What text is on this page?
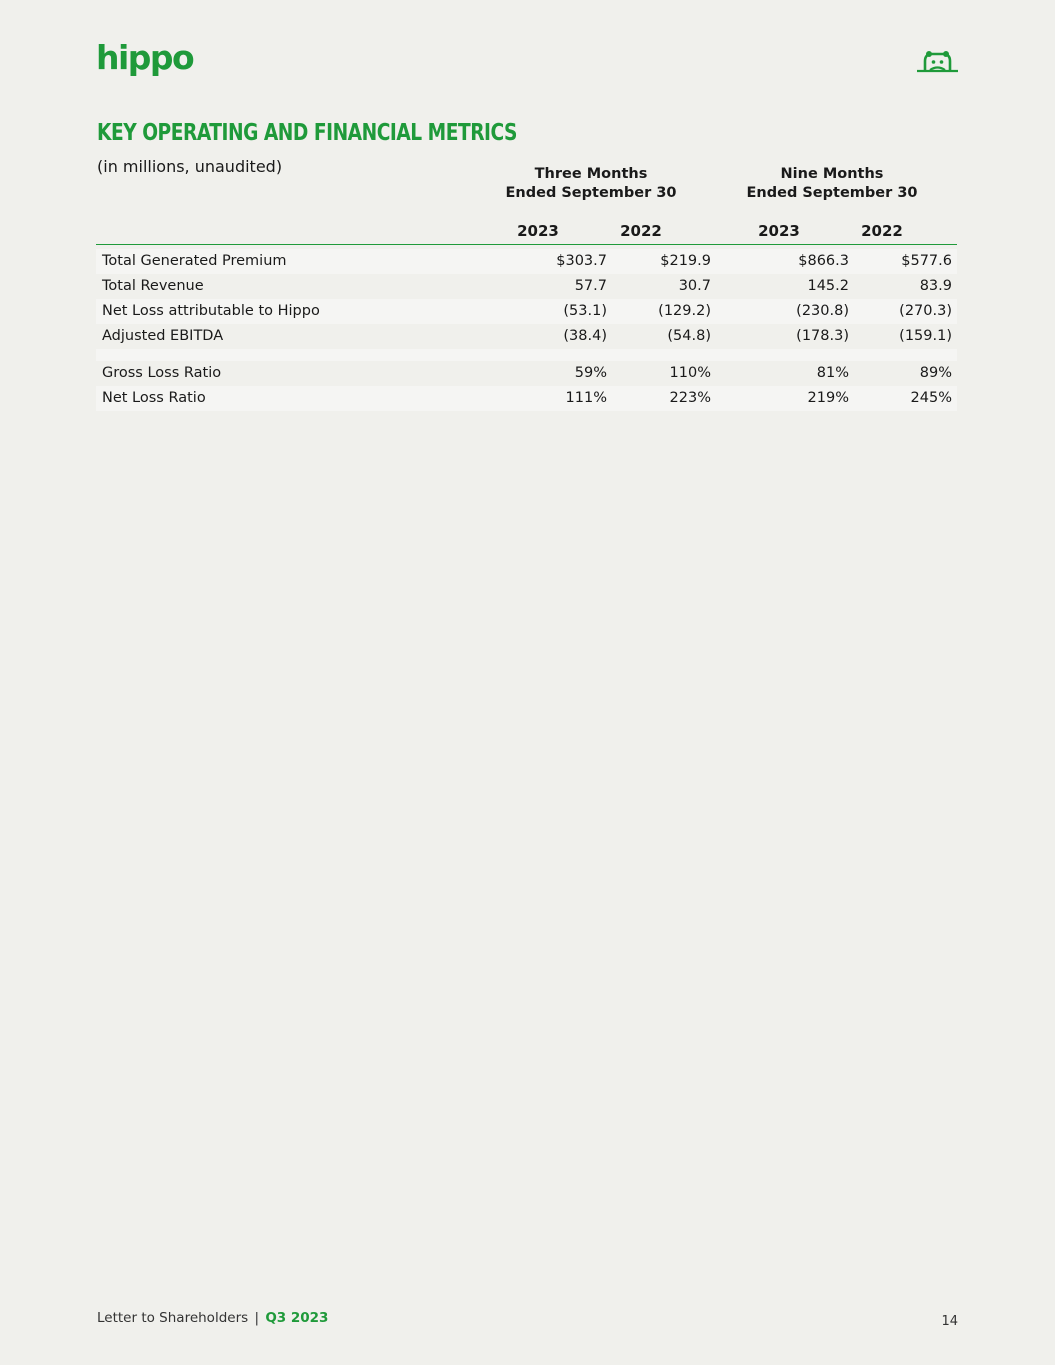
hippo
KEY OPERATING AND FINANCIAL METRICS
(in millions, unaudited)	Three Months
Ended September 30
Nine Months
Ended September 30
2023	2022	2023	2022
Total Generated Premium	$303.7	$219.9	$866.3	$577.6
Total Revenue	57.7	30.7	145.2	83.9
Net Loss attributable to Hippo	(53.1)	(129.2)	(230.8)	(270.3)
Adjusted EBITDA	(38.4)	(54.8)	(178.3)	(159.1)
Gross Loss Ratio	59%	110%	81%	89%
Net Loss Ratio	111%	223%	219%	245%
Letter to Shareholders | Q3 2023	14
